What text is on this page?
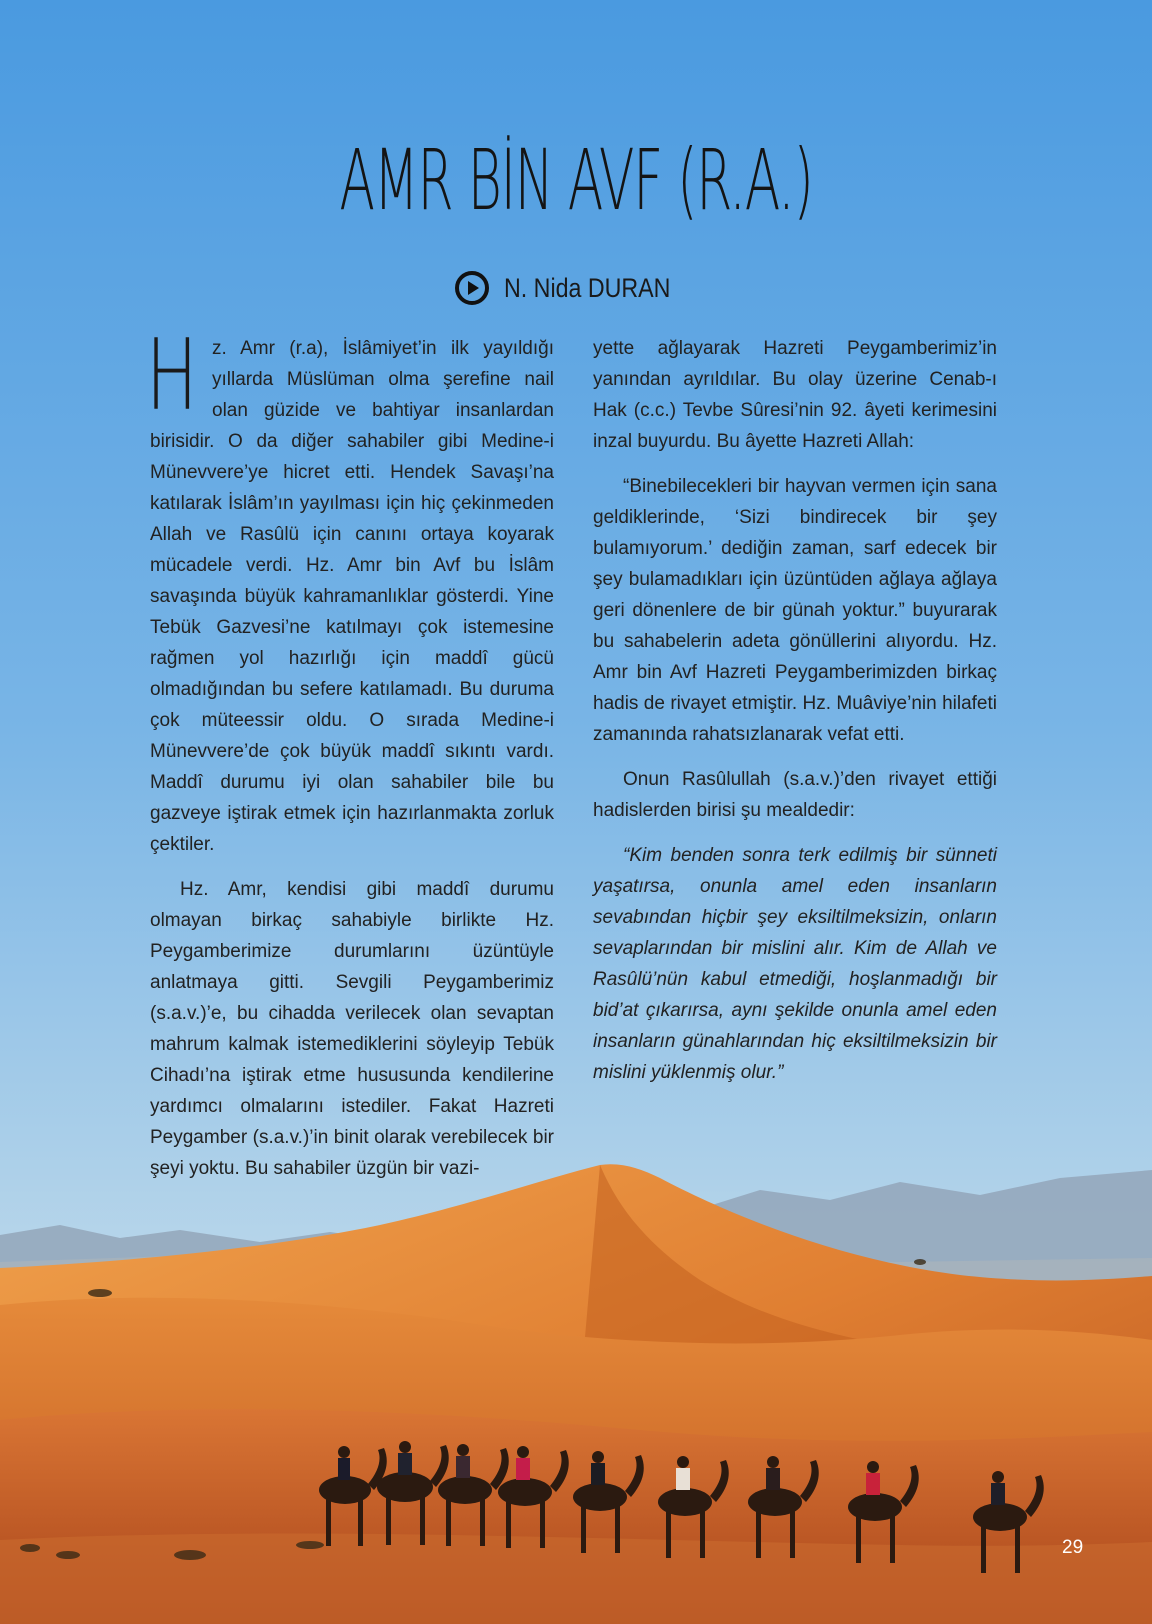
AMR BİN AVF (R.A.)
N. Nida DURAN

Hz. Amr (r.a), İslâmiyet’in ilk yayıldığı yıllarda Müslüman olma şerefine nail olan güzide ve bahtiyar insanlardan birisidir. O da diğer sahabiler gibi Medine-i Münevvere’ye hicret etti. Hendek Savaşı’na katılarak İslâm’ın yayılması için hiç çekinmeden Allah ve Rasûlü için canını ortaya koyarak mücadele verdi. Hz. Amr bin Avf bu İslâm savaşında büyük kahramanlıklar gösterdi. Yine Tebük Gazvesi’ne katılmayı çok istemesine rağmen yol hazırlığı için maddî gücü olmadığından bu sefere katılamadı. Bu duruma çok müteessir oldu. O sırada Medine-i Münevvere’de çok büyük maddî sıkıntı vardı. Maddî durumu iyi olan sahabiler bile bu gazveye iştirak etmek için hazırlanmakta zorluk çektiler.

Hz. Amr, kendisi gibi maddî durumu olmayan birkaç sahabiyle birlikte Hz. Peygamberimize durumlarını üzüntüyle anlatmaya gitti. Sevgili Peygamberimiz (s.a.v.)’e, bu cihadda verilecek olan sevaptan mahrum kalmak istemediklerini söyleyip Tebük Cihadı’na iştirak etme hususunda kendilerine yardımcı olmalarını istediler. Fakat Hazreti Peygamber (s.a.v.)’in binit olarak verebilecek bir şeyi yoktu. Bu sahabiler üzgün bir vazi-

yette ağlayarak Hazreti Peygamberimiz’in yanından ayrıldılar. Bu olay üzerine Cenab-ı Hak (c.c.) Tevbe Sûresi’nin 92. âyeti kerimesini inzal buyurdu. Bu âyette Hazreti Allah:

“Binebilecekleri bir hayvan vermen için sana geldiklerinde, ‘Sizi bindirecek bir şey bulamıyorum.’ dediğin zaman, sarf edecek bir şey bulamadıkları için üzüntüden ağlaya ağlaya geri dönenlere de bir günah yoktur.” buyurarak bu sahabelerin adeta gönüllerini alıyordu. Hz. Amr bin Avf Hazreti Peygamberimizden birkaç hadis de rivayet etmiştir. Hz. Muâviye’nin hilafeti zamanında rahatsızlanarak vefat etti.

Onun Rasûlullah (s.a.v.)’den rivayet ettiği hadislerden birisi şu mealdedir:

“Kim benden sonra terk edilmiş bir sünneti yaşatırsa, onunla amel eden insanların sevabından hiçbir şey eksiltilmeksizin, onların sevaplarından bir mislini alır. Kim de Allah ve Rasûlü’nün kabul etmediği, hoşlanmadığı bir bid’at çıkarırsa, aynı şekilde onunla amel eden insanların günahlarından hiç eksiltilmeksizin bir mislini yüklenmiş olur.”

29
